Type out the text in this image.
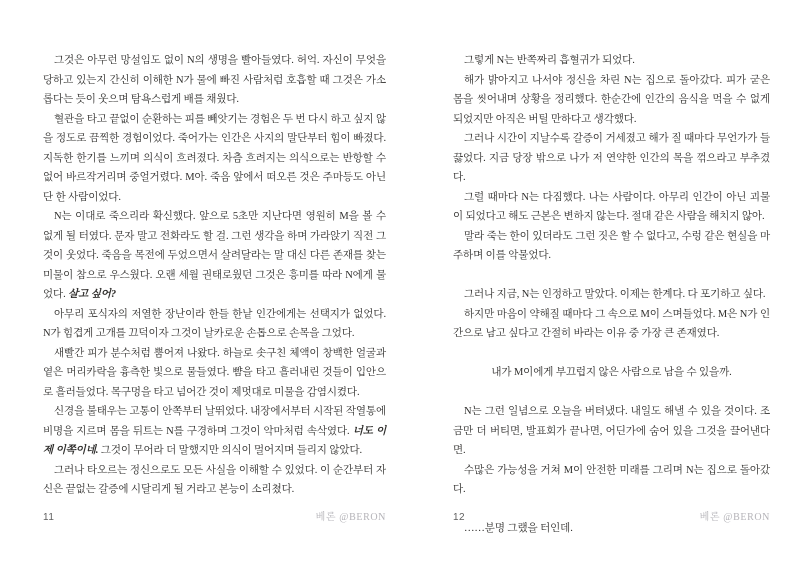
그것은 아무런 망설임도 없이 N의 생명을 빨아들였다. 허억. 자신이 무엇을 당하고 있는지 간신히 이해한 N가 물에 빠진 사람처럼 호흡할 때 그것은 가소롭다는 듯이 웃으며 탐욕스럽게 배를 채웠다.

혈관을 타고 끝없이 순환하는 피를 빼앗기는 경험은 두 번 다시 하고 싶지 않을 정도로 끔찍한 경험이었다. 죽어가는 인간은 사지의 말단부터 힘이 빠졌다. 지독한 한기를 느끼며 의식이 흐려졌다. 차츰 흐려지는 의식으로는 반항할 수 없어 바르작거리며 중얼거렸다. M아. 죽음 앞에서 떠오른 것은 주마등도 아닌 단 한 사람이었다.

N는 이대로 죽으리라 확신했다. 앞으로 5초만 지난다면 영원히 M을 볼 수 없게 될 터였다. 문자 말고 전화라도 할 걸. 그런 생각을 하며 가라앉기 직전 그것이 웃었다. 죽음을 목전에 두었으면서 살려달라는 말 대신 다른 존재를 찾는 미물이 참으로 우스웠다. 오랜 세월 권태로웠던 그것은 흥미를 따라 N에게 물었다. 살고 싶어?

아무리 포식자의 저열한 장난이라 한들 한낱 인간에게는 선택지가 없었다. N가 힘겹게 고개를 끄덕이자 그것이 날카로운 손톱으로 손목을 그었다.

새빨간 피가 분수처럼 뿜어져 나왔다. 하늘로 솟구친 체액이 창백한 얼굴과 옅은 머리카락을 흉측한 빛으로 물들였다. 뺨을 타고 흘러내린 것들이 입안으로 흘러들었다. 목구멍을 타고 넘어간 것이 제멋대로 미물을 감염시켰다.

신경을 불태우는 고통이 안쪽부터 날뛰었다. 내장에서부터 시작된 작열통에 비명을 지르며 몸을 뒤트는 N를 구경하며 그것이 악마처럼 속삭였다. 너도 이제 이쪽이네. 그것이 무어라 더 말했지만 의식이 멀어지며 들리지 않았다.

그러나 타오르는 정신으로도 모든 사실을 이해할 수 있었다. 이 순간부터 자신은 끝없는 갈증에 시달리게 될 거라고 본능이 소리쳤다.

11	베론 @BERON

그렇게 N는 반쪽짜리 흡혈귀가 되었다.

해가 밝아지고 나서야 정신을 차린 N는 집으로 돌아갔다. 피가 굳은 몸을 씻어내며 상황을 정리했다. 한순간에 인간의 음식을 먹을 수 없게 되었지만 아직은 버틸 만하다고 생각했다.

그러나 시간이 지날수록 갈증이 거세졌고 해가 질 때마다 무언가가 들끓었다. 지금 당장 밖으로 나가 저 연약한 인간의 목을 꺾으라고 부추겼다.

그럴 때마다 N는 다짐했다. 나는 사람이다. 아무리 인간이 아닌 괴물이 되었다고 해도 근본은 변하지 않는다. 절대 같은 사람을 해치지 않아.

말라 죽는 한이 있더라도 그런 짓은 할 수 없다고, 수렁 같은 현실을 마주하며 이를 악물었다.

그러나 지금, N는 인정하고 말았다. 이제는 한계다. 다 포기하고 싶다.

하지만 마음이 약해질 때마다 그 속으로 M이 스며들었다. M은 N가 인간으로 남고 싶다고 간절히 바라는 이유 중 가장 큰 존재였다.

내가 M이에게 부끄럽지 않은 사람으로 남을 수 있을까.

N는 그런 일념으로 오늘을 버텨냈다. 내일도 해낼 수 있을 것이다. 조금만 더 버티면, 발표회가 끝나면, 어딘가에 숨어 있을 그것을 끌어낸다면.

수많은 가능성을 거쳐 M이 안전한 미래를 그리며 N는 집으로 돌아갔다.

……분명 그랬을 터인데.

12	베론 @BERON
